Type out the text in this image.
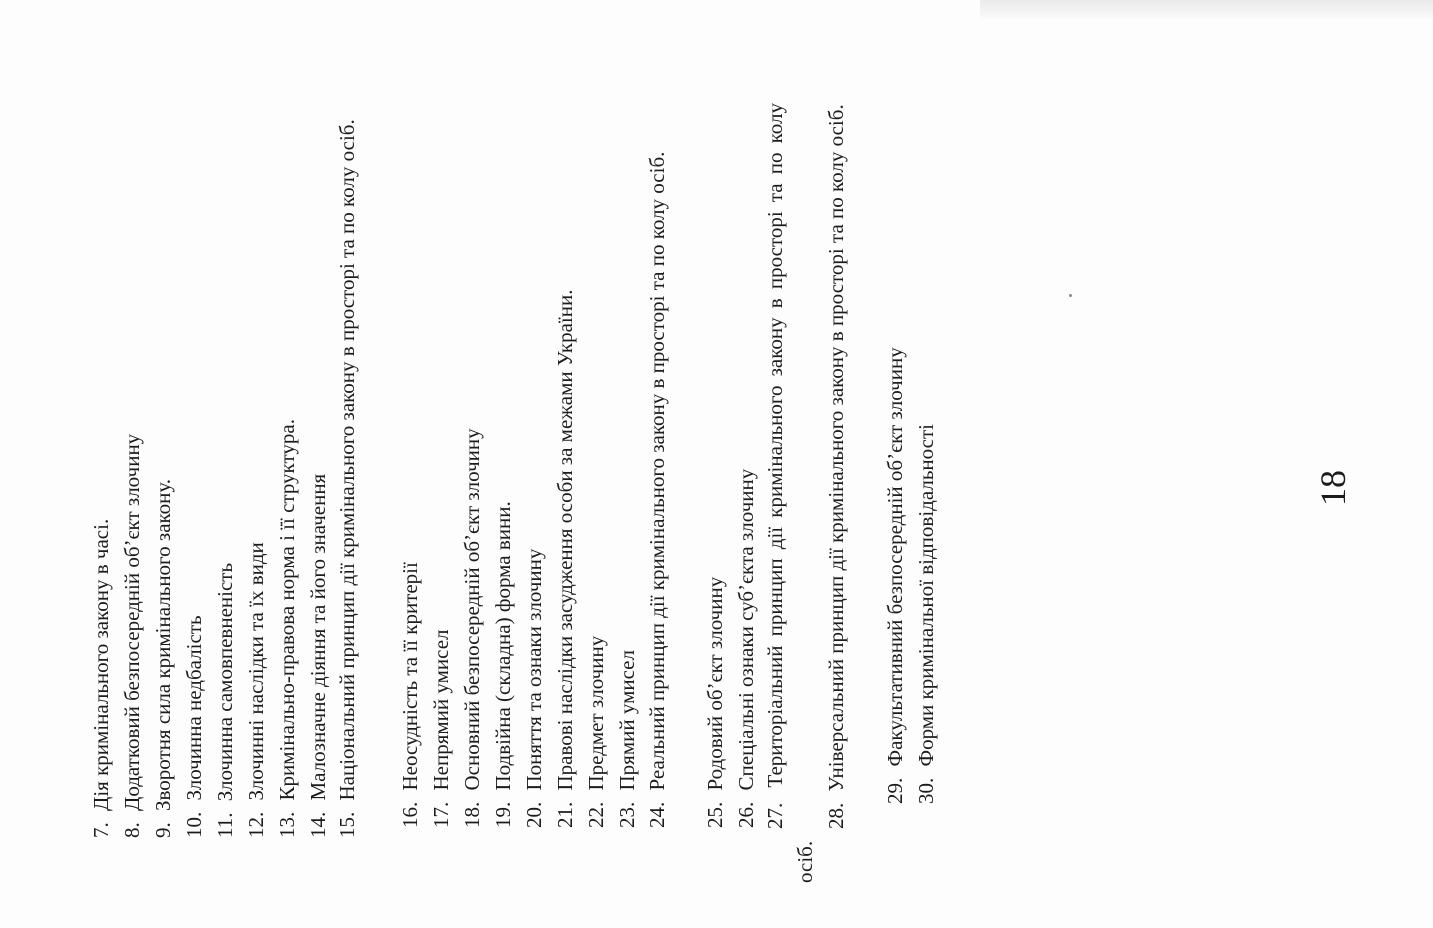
7. Дія кримінального закону в часі.
8. Додатковий безпосередній об’єкт злочину
9. Зворотня сила кримінального закону.
10. Злочинна недбалість
11. Злочинна самовпевненість
12. Злочинні наслідки та їх види
13. Кримінально-правова норма і її структура.
14. Малозначне діяння та його значення
15. Національний принцип дії кримінального закону в просторі та по колу осіб.
16. Неосудність та її критерії
17. Непрямий умисел
18. Основний безпосередній об’єкт злочину
19. Подвійна (складна) форма вини.
20. Поняття та ознаки злочину
21. Правові наслідки засудження особи за межами України.
22. Предмет злочину
23. Прямий умисел
24. Реальний принцип дії кримінального закону в просторі та по колу осіб.
25. Родовий об’єкт злочину
26. Спеціальні ознаки суб’єкта злочину
27. Територіальний принцип дії кримінального закону в просторі та по колу осіб.
28. Універсальний принцип дії кримінального закону в просторі та по колу осіб. 29. Факультативний безпосередній об’єкт злочину
30. Форми кримінальної відповідальності	18
